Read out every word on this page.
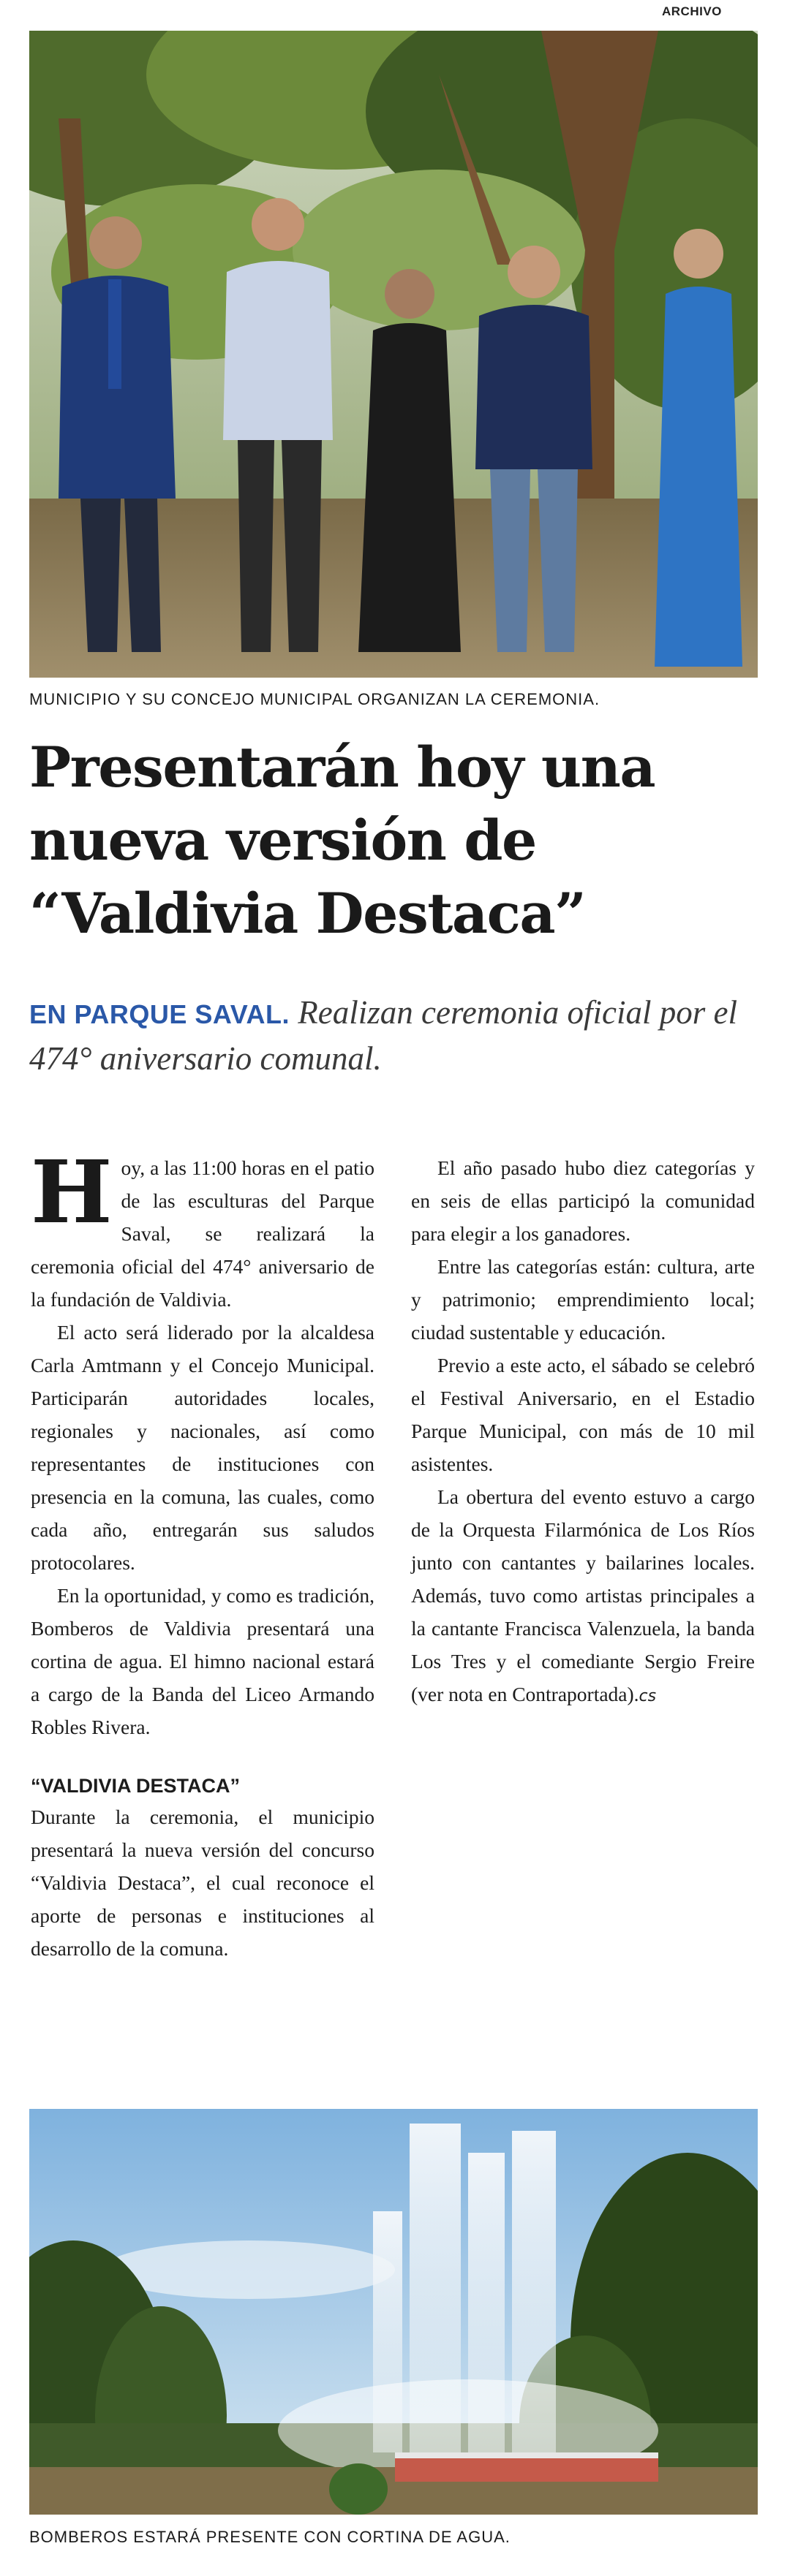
ARCHIVO
MUNICIPIO Y SU CONCEJO MUNICIPAL ORGANIZAN LA CEREMONIA.
Presentarán hoy una
nueva versión de
“Valdivia Destaca”
EN PARQUE SAVAL. Realizan ceremonia oficial por el 474° aniversario comunal.

Hoy, a las 11:00 horas en el patio de las esculturas del Parque Saval, se realizará la ceremonia oficial del 474° aniversario de la fundación de Valdivia.

El acto será liderado por la alcaldesa Carla Amtmann y el Concejo Municipal. Participarán autoridades locales, regionales y nacionales, así como representantes de instituciones con presencia en la comuna, las cuales, como cada año, entregarán sus saludos protocolares.

En la oportunidad, y como es tradición, Bomberos de Valdivia presentará una cortina de agua. El himno nacional estará a cargo de la Banda del Liceo Armando Robles Rivera.

“VALDIVIA DESTACA”

Durante la ceremonia, el municipio presentará la nueva versión del concurso “Valdivia Destaca”, el cual reconoce el aporte de personas e instituciones al desarrollo de la comuna.

El año pasado hubo diez categorías y en seis de ellas participó la comunidad para elegir a los ganadores.

Entre las categorías están: cultura, arte y patrimonio; emprendimiento local; ciudad sustentable y educación.

Previo a este acto, el sábado se celebró el Festival Aniversario, en el Estadio Parque Municipal, con más de 10 mil asistentes.

La obertura del evento estuvo a cargo de la Orquesta Filarmónica de Los Ríos junto con cantantes y bailarines locales. Además, tuvo como artistas principales a la cantante Francisca Valenzuela, la banda Los Tres y el comediante Sergio Freire (ver nota en Contraportada).cs

BOMBEROS ESTARÁ PRESENTE CON CORTINA DE AGUA.
